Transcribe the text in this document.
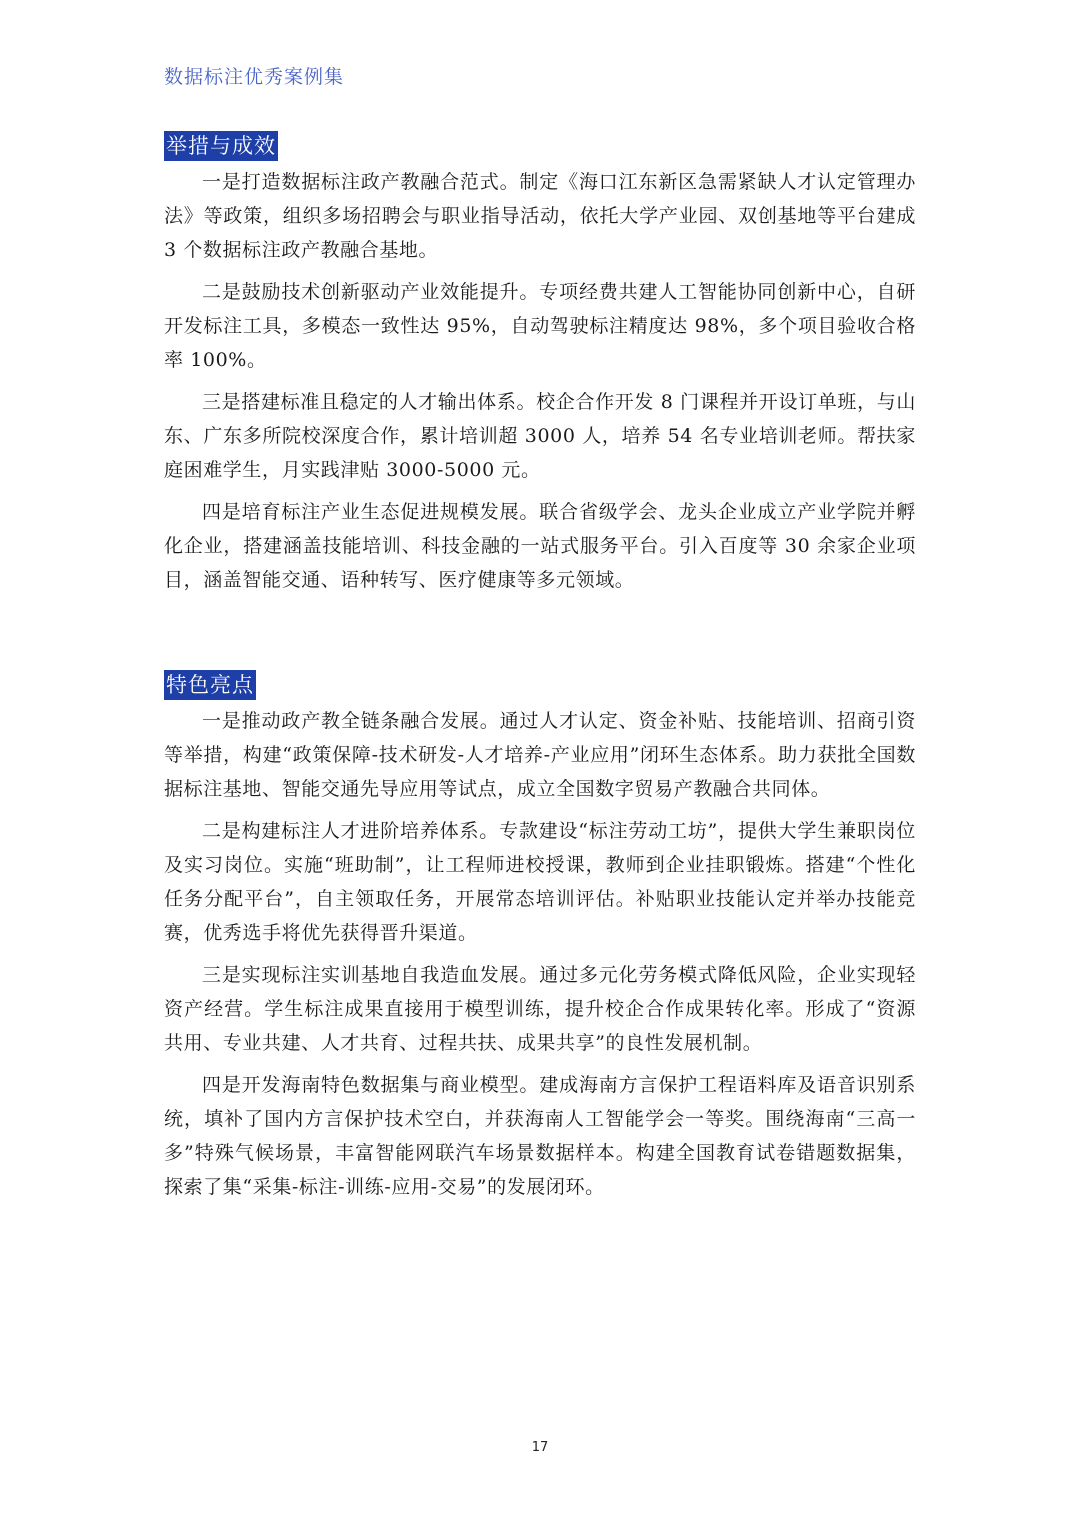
数据标注优秀案例集
举措与成效

一是打造数据标注政产教融合范式。制定《海口江东新区急需紧缺人才认定管理办法》等政策，组织多场招聘会与职业指导活动，依托大学产业园、双创基地等平台建成 3 个数据标注政产教融合基地。

二是鼓励技术创新驱动产业效能提升。专项经费共建人工智能协同创新中心，自研开发标注工具，多模态一致性达 95%，自动驾驶标注精度达 98%，多个项目验收合格率 100%。

三是搭建标准且稳定的人才输出体系。校企合作开发 8 门课程并开设订单班，与山东、广东多所院校深度合作，累计培训超 3000 人，培养 54 名专业培训老师。帮扶家庭困难学生，月实践津贴 3000-5000 元。

四是培育标注产业生态促进规模发展。联合省级学会、龙头企业成立产业学院并孵化企业，搭建涵盖技能培训、科技金融的一站式服务平台。引入百度等 30 余家企业项目，涵盖智能交通、语种转写、医疗健康等多元领域。

特色亮点

一是推动政产教全链条融合发展。通过人才认定、资金补贴、技能培训、招商引资等举措，构建“政策保障-技术研发-人才培养-产业应用”闭环生态体系。助力获批全国数据标注基地、智能交通先导应用等试点，成立全国数字贸易产教融合共同体。

二是构建标注人才进阶培养体系。专款建设“标注劳动工坊”，提供大学生兼职岗位及实习岗位。实施“班助制”，让工程师进校授课，教师到企业挂职锻炼。搭建“个性化任务分配平台”，自主领取任务，开展常态培训评估。补贴职业技能认定并举办技能竞赛，优秀选手将优先获得晋升渠道。

三是实现标注实训基地自我造血发展。通过多元化劳务模式降低风险，企业实现轻资产经营。学生标注成果直接用于模型训练，提升校企合作成果转化率。形成了“资源共用、专业共建、人才共育、过程共扶、成果共享”的良性发展机制。

四是开发海南特色数据集与商业模型。建成海南方言保护工程语料库及语音识别系统，填补了国内方言保护技术空白，并获海南人工智能学会一等奖。围绕海南“三高一多”特殊气候场景，丰富智能网联汽车场景数据样本。构建全国教育试卷错题数据集，探索了集“采集-标注-训练-应用-交易”的发展闭环。

17
